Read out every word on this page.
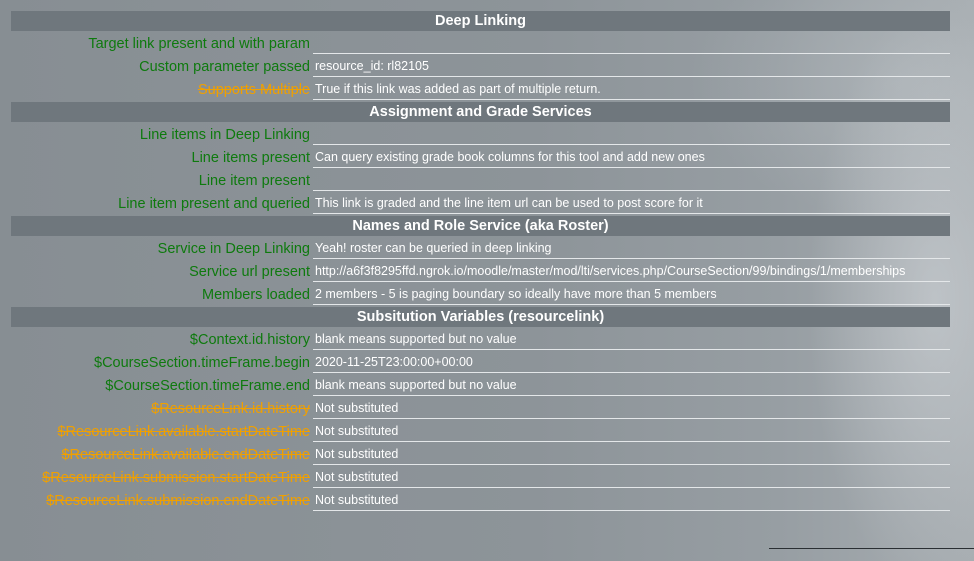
Deep Linking	
Target link present and with param	
Custom parameter passed	resource_id: rl82105
Supports Multiple	True if this link was added as part of multiple return.
Assignment and Grade Services	
Line items in Deep Linking	
Line items present	Can query existing grade book columns for this tool and add new ones
Line item present	
Line item present and queried	This link is graded and the line item url can be used to post score for it
Names and Role Service (aka Roster)	
Service in Deep Linking	Yeah! roster can be queried in deep linking
Service url present	http://a6f3f8295ffd.ngrok.io/moodle/master/mod/lti/services.php/CourseSection/99/bindings/1/memberships
Members loaded	2 members - 5 is paging boundary so ideally have more than 5 members
Subsitution Variables (resourcelink)	
$Context.id.history	blank means supported but no value
$CourseSection.timeFrame.begin	2020-11-25T23:00:00+00:00
$CourseSection.timeFrame.end	blank means supported but no value
$ResourceLink.id.history	Not substituted
$ResourceLink.available.startDateTime	Not substituted
$ResourceLink.available.endDateTime	Not substituted
$ResourceLink.submission.startDateTime	Not substituted
$ResourceLink.submission.endDateTime	Not substituted
